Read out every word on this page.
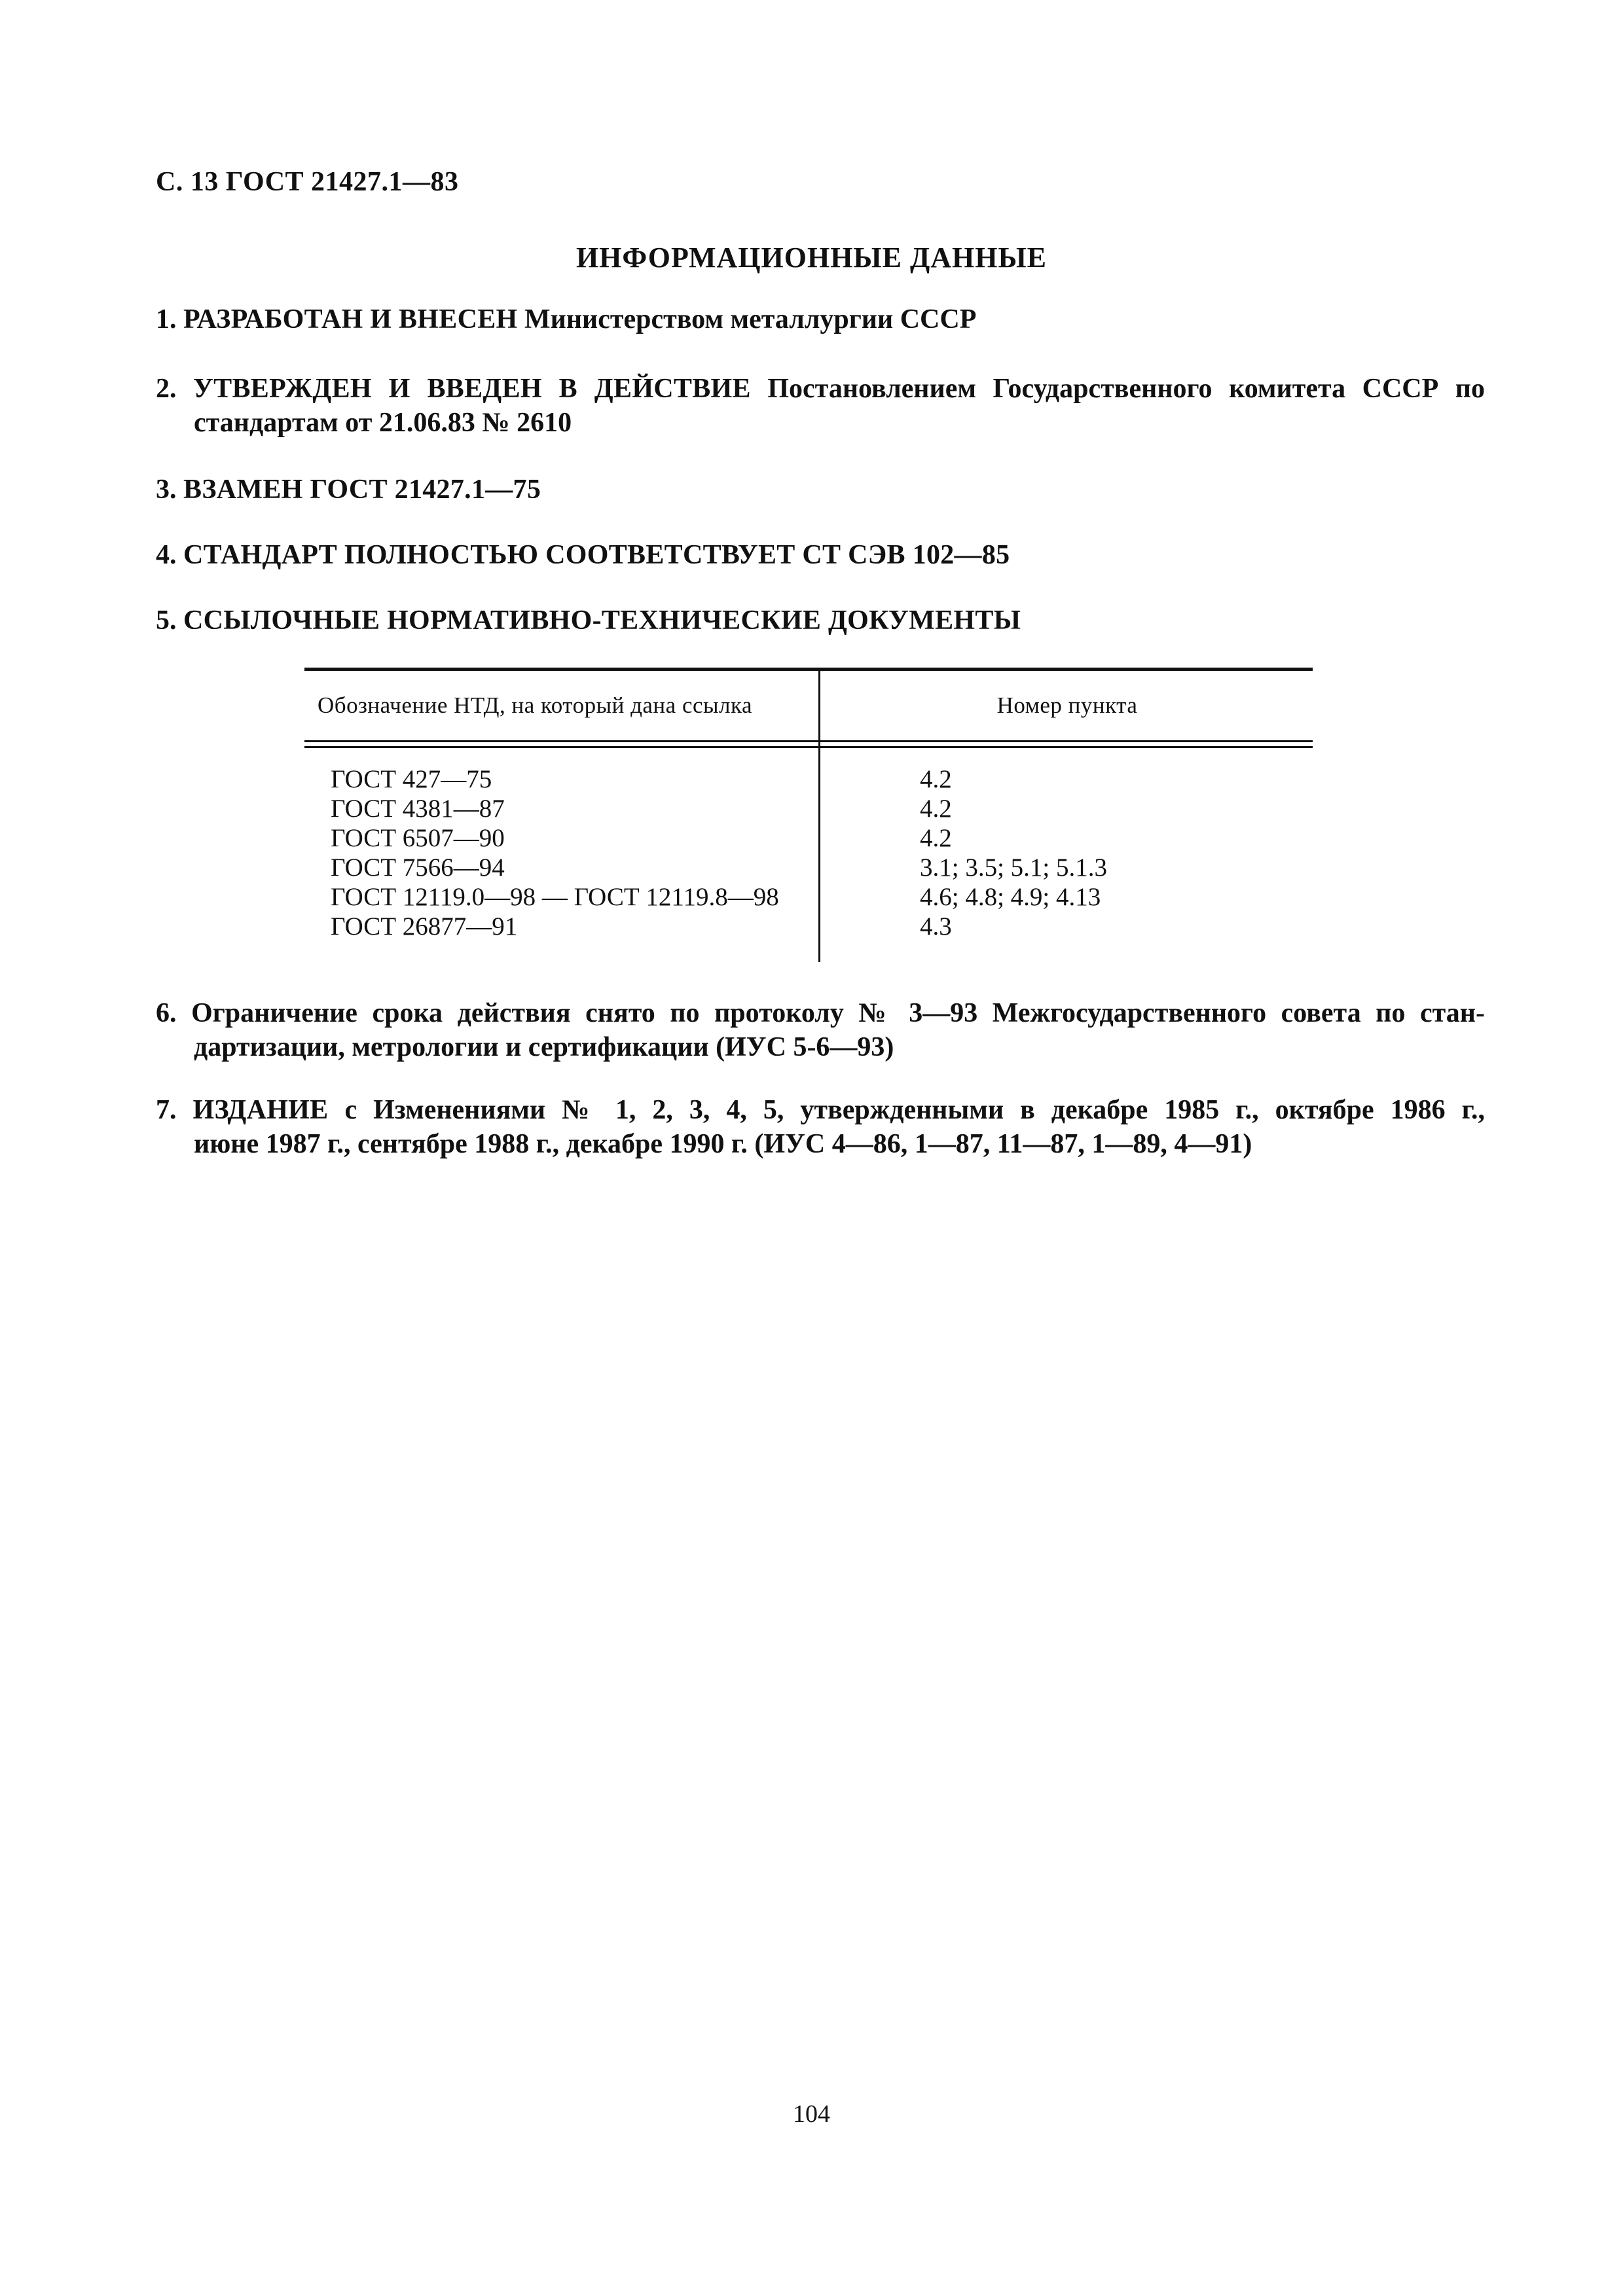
С. 13 ГОСТ 21427.1—83
ИНФОРМАЦИОННЫЕ ДАННЫЕ
1. РАЗРАБОТАН И ВНЕСЕН Министерством металлургии СССР
2. УТВЕРЖДЕН И ВВЕДЕН В ДЕЙСТВИЕ Постановлением Государственного комитета СССР по
стандартам от 21.06.83 № 2610
3. ВЗАМЕН ГОСТ 21427.1—75
4. СТАНДАРТ ПОЛНОСТЬЮ СООТВЕТСТВУЕТ СТ СЭВ 102—85
5. ССЫЛОЧНЫЕ НОРМАТИВНО-ТЕХНИЧЕСКИЕ ДОКУМЕНТЫ
Обозначение НТД, на который дана ссылка	Номер пункта
ГОСТ 427—75
ГОСТ 4381—87
ГОСТ 6507—90
ГОСТ 7566—94
ГОСТ 12119.0—98 — ГОСТ 12119.8—98
ГОСТ 26877—91
4.2
4.2
4.2
3.1; 3.5; 5.1; 5.1.3
4.6; 4.8; 4.9; 4.13
4.3
6. Ограничение срока действия снято по протоколу № 3—93 Межгосударственного совета по стан-
дартизации, метрологии и сертификации (ИУС 5-6—93)
7. ИЗДАНИЕ с Изменениями № 1, 2, 3, 4, 5, утвержденными в декабре 1985 г., октябре 1986 г.,
июне 1987 г., сентябре 1988 г., декабре 1990 г. (ИУС 4—86, 1—87, 11—87, 1—89, 4—91)
104
